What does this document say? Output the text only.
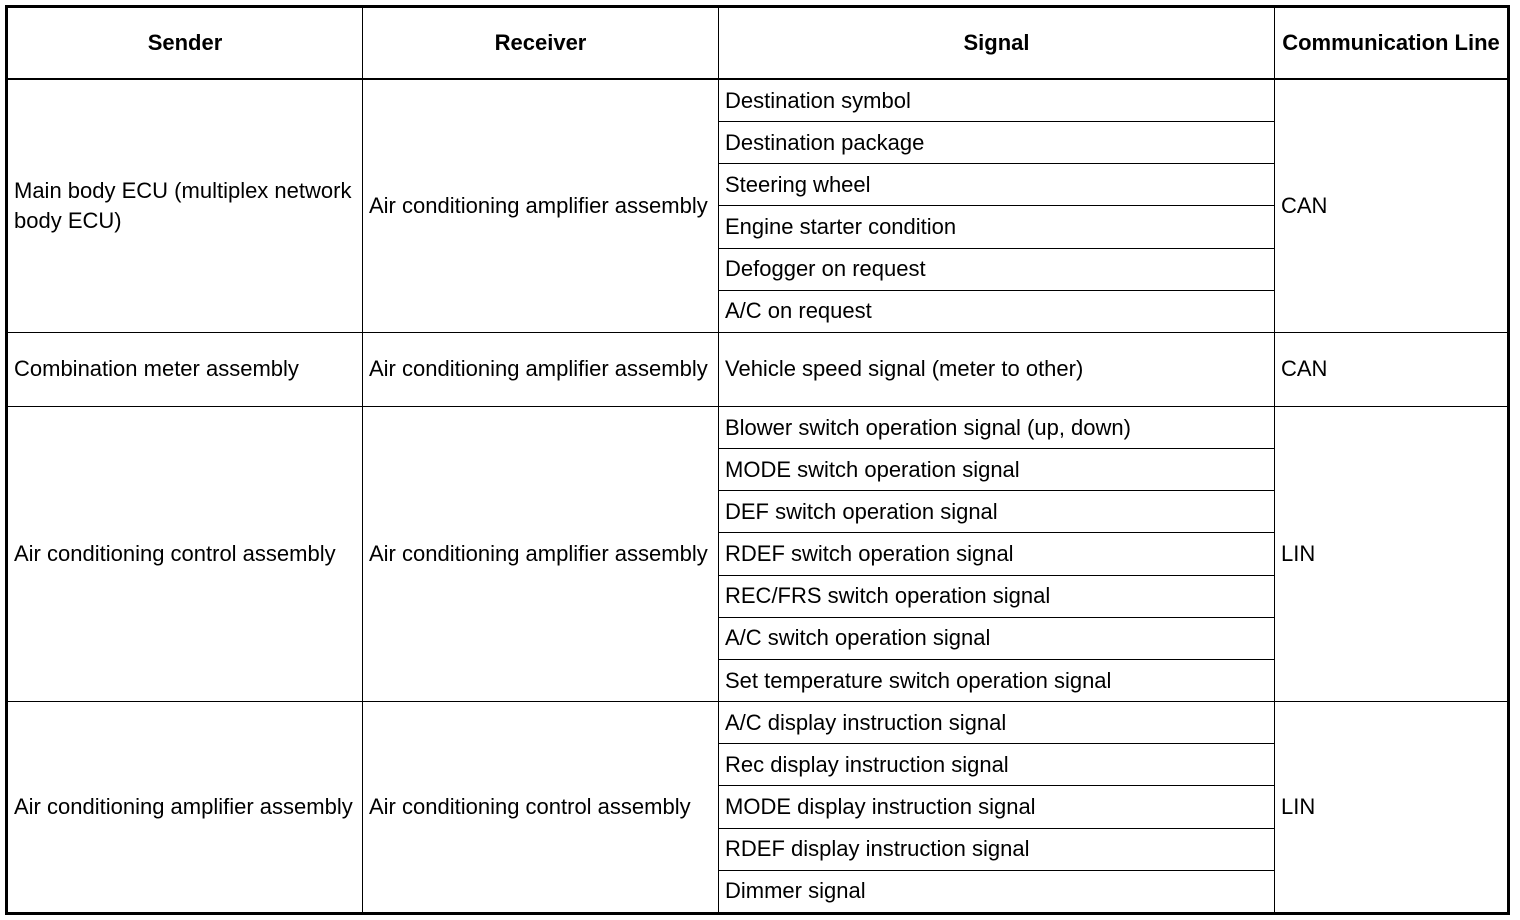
Sender	Receiver	Signal	Communication Line
Main body ECU (multiplex network body ECU)	Air conditioning amplifier assembly	Destination symbol	CAN
		Destination package	
		Steering wheel	
		Engine starter condition	
		Defogger on request	
		A/C on request	
Combination meter assembly	Air conditioning amplifier assembly	Vehicle speed signal (meter to other)	CAN
Air conditioning control assembly	Air conditioning amplifier assembly	Blower switch operation signal (up, down)	LIN
		MODE switch operation signal	
		DEF switch operation signal	
		RDEF switch operation signal	
		REC/FRS switch operation signal	
		A/C switch operation signal	
		Set temperature switch operation signal	
Air conditioning amplifier assembly	Air conditioning control assembly	A/C display instruction signal	LIN
		Rec display instruction signal	
		MODE display instruction signal	
		RDEF display instruction signal	
		Dimmer signal	
